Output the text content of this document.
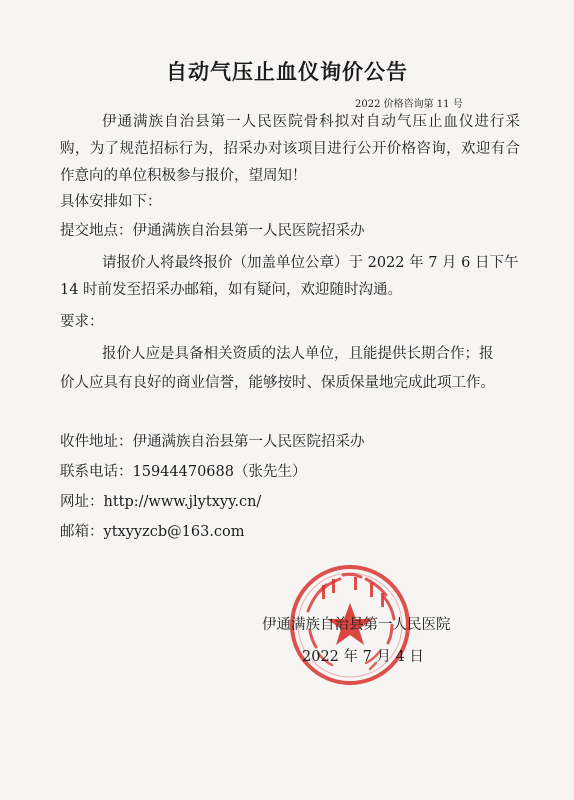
自动气压止血仪询价公告
2022 价格咨询第 11 号
伊通满族自治县第一人民医院骨科拟对自动气压止血仪进行采购，为了规范招标行为，招采办对该项目进行公开价格咨询，欢迎有合作意向的单位积极参与报价，望周知！
具体安排如下：
提交地点：伊通满族自治县第一人民医院招采办
请报价人将最终报价（加盖单位公章）于 2022 年 7 月 6 日下午
14 时前发至招采办邮箱，如有疑问，欢迎随时沟通。
要求：
报价人应是具备相关资质的法人单位，且能提供长期合作；报
价人应具有良好的商业信誉，能够按时、保质保量地完成此项工作。
收件地址：伊通满族自治县第一人民医院招采办
联系电话：15944470688（张先生）
网址：http://www.jlytxyy.cn/
邮箱：ytxyyzcb@163.com
伊通满族自治县第一人民医院
2022 年 7 月 4 日
